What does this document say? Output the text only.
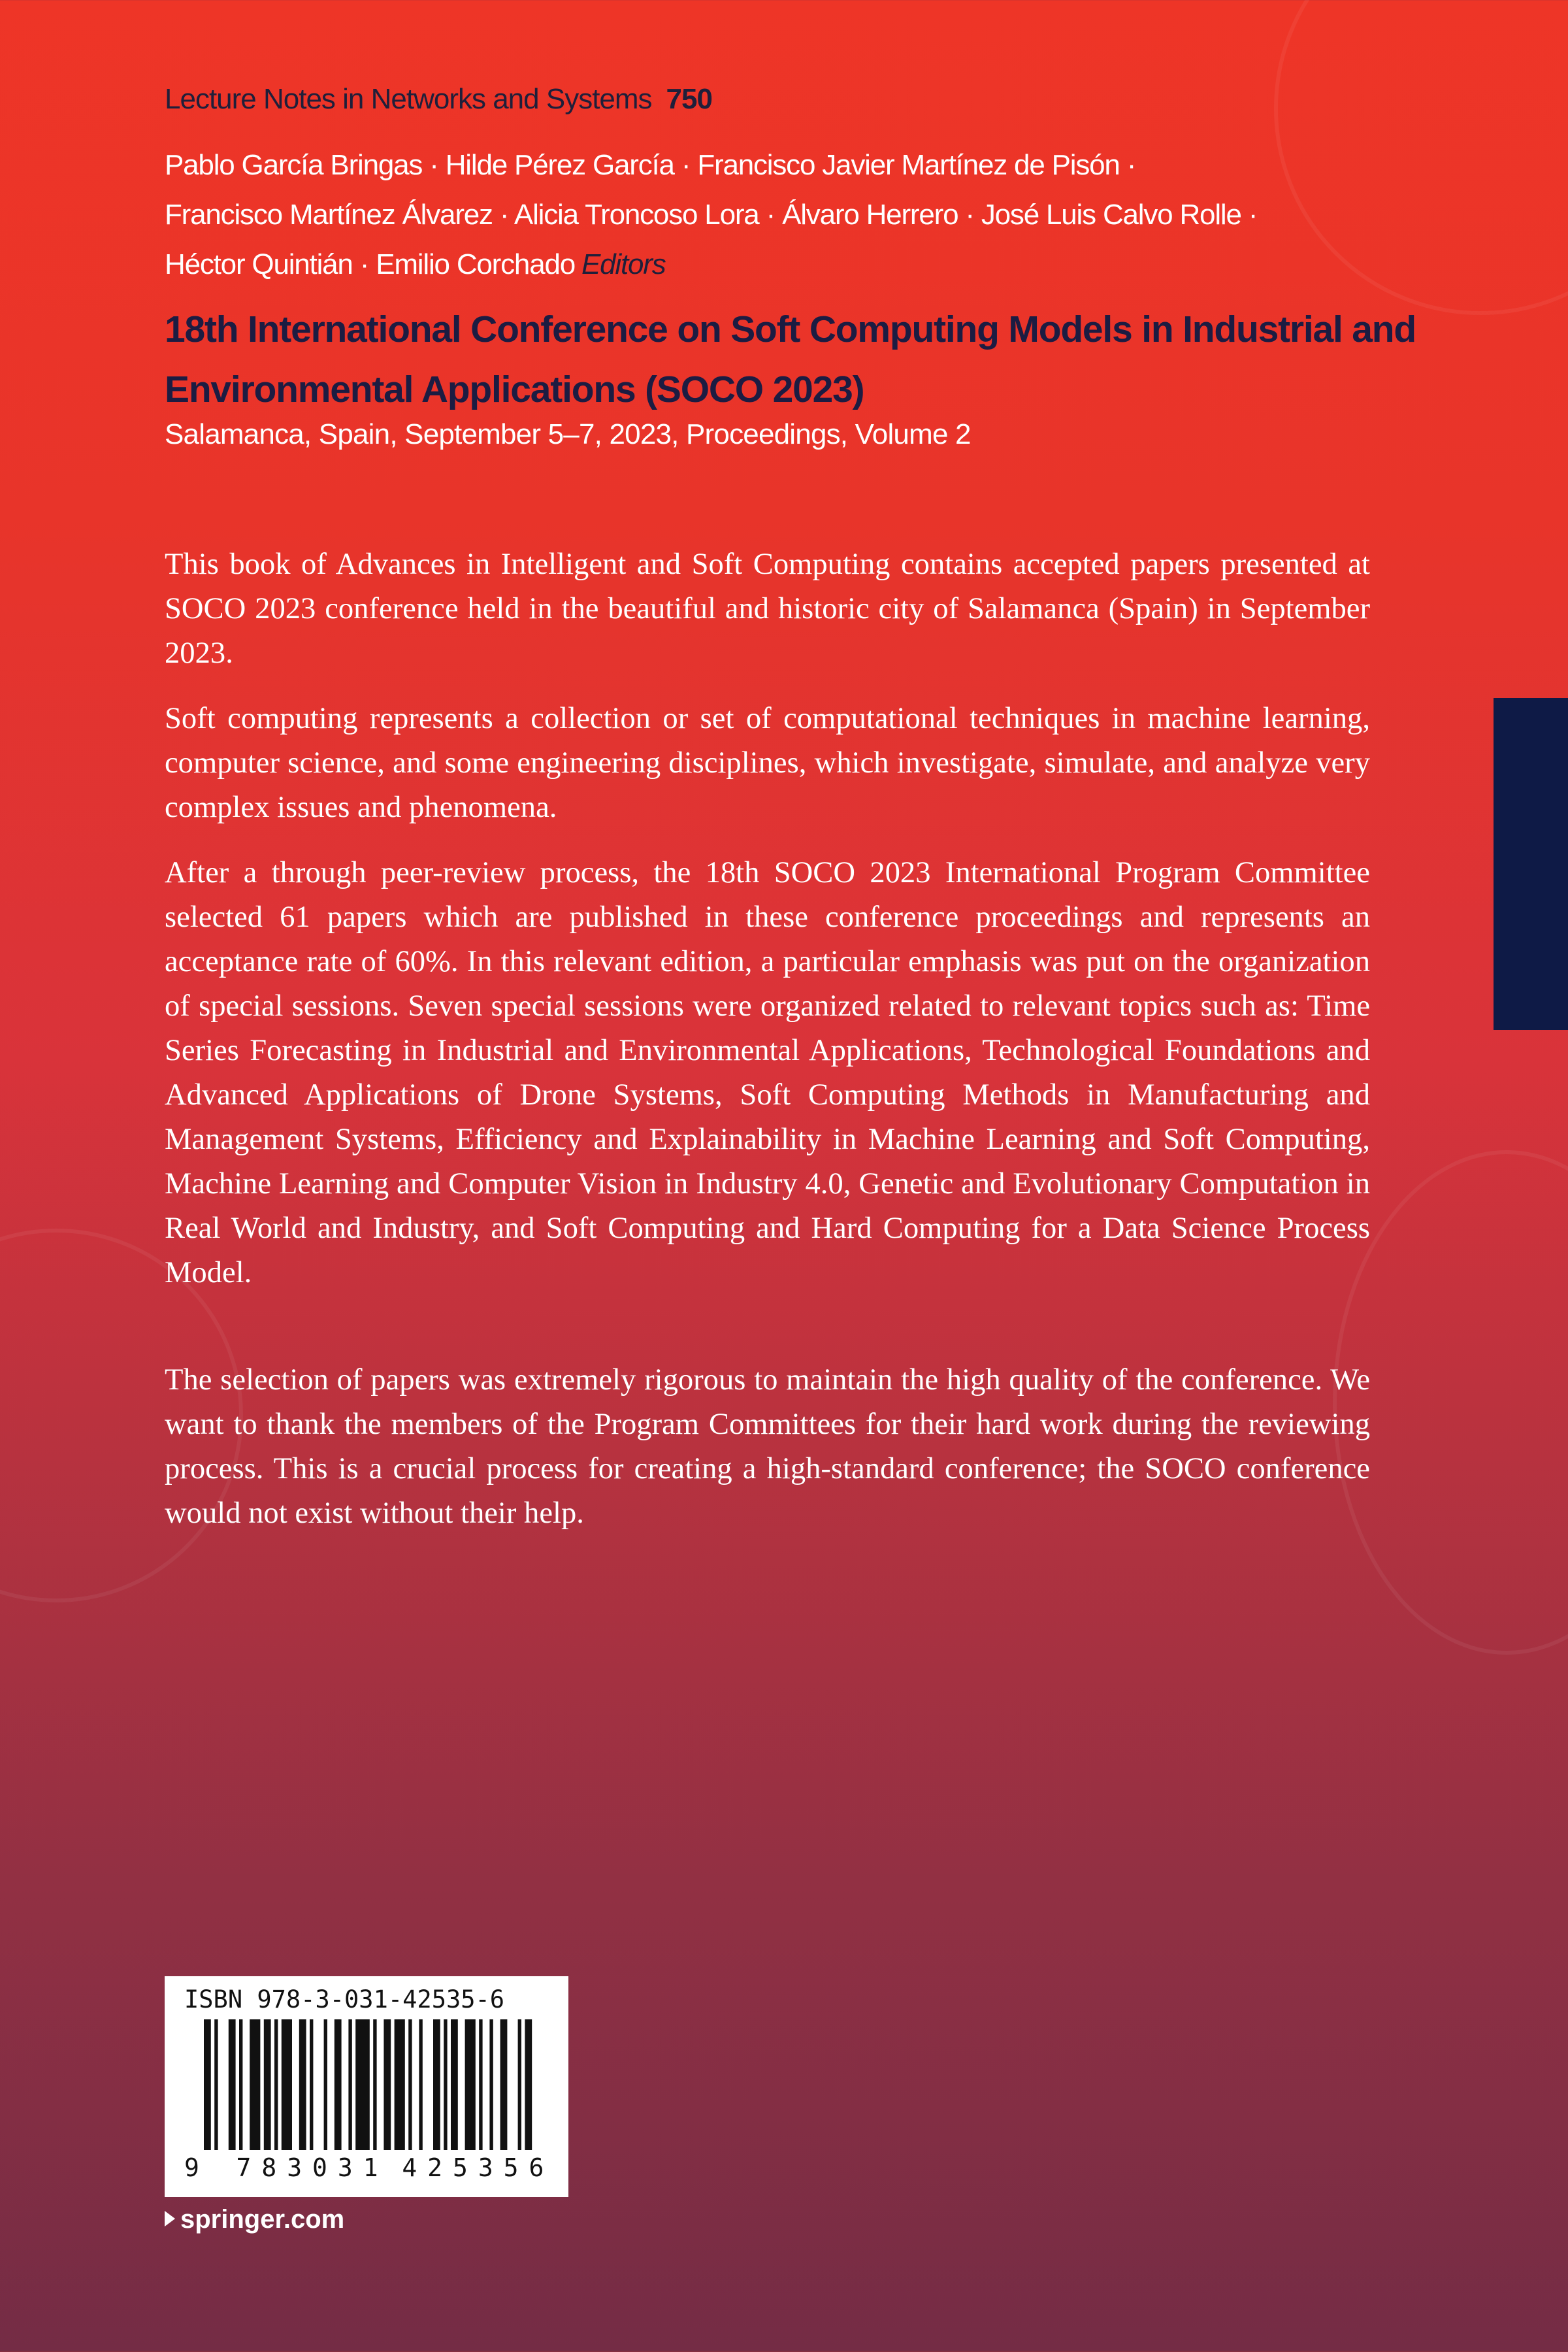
Lecture Notes in Networks and Systems 750
Pablo García Bringas · Hilde Pérez García · Francisco Javier Martínez de Pisón ·
Francisco Martínez Álvarez · Alicia Troncoso Lora · Álvaro Herrero · José Luis Calvo Rolle ·
Héctor Quintián · Emilio Corchado Editors
18th International Conference on Soft Computing Models in Industrial and Environmental Applications (SOCO 2023)
Salamanca, Spain, September 5–7, 2023, Proceedings, Volume 2

This book of Advances in Intelligent and Soft Computing contains accepted papers presented at SOCO 2023 conference held in the beautiful and historic city of Salamanca (Spain) in September 2023.

Soft computing represents a collection or set of computational techniques in machine learning, computer science, and some engineering disciplines, which investigate, simulate, and analyze very complex issues and phenomena.

After a through peer-review process, the 18th SOCO 2023 International Program Committee selected 61 papers which are published in these conference proceedings and represents an acceptance rate of 60%. In this relevant edition, a particular emphasis was put on the organization of special sessions. Seven special sessions were organized related to relevant topics such as: Time Series Forecasting in Industrial and Environmental Applications, Technological Foundations and Advanced Applications of Drone Systems, Soft Computing Methods in Manufacturing and Management Systems, Efficiency and Explainability in Machine Learning and Soft Computing, Machine Learning and Computer Vision in Industry 4.0, Genetic and Evolutionary Computation in Real World and Industry, and Soft Computing and Hard Computing for a Data Science Process Model.

The selection of papers was extremely rigorous to maintain the high quality of the conference. We want to thank the members of the Program Committees for their hard work during the reviewing process. This is a crucial process for creating a high-standard conference; the SOCO conference would not exist without their help.

ISBN 978-3-031-42535-6
9 7 8 3 0 3 1 4 2 5 3 5 6
springer.com
